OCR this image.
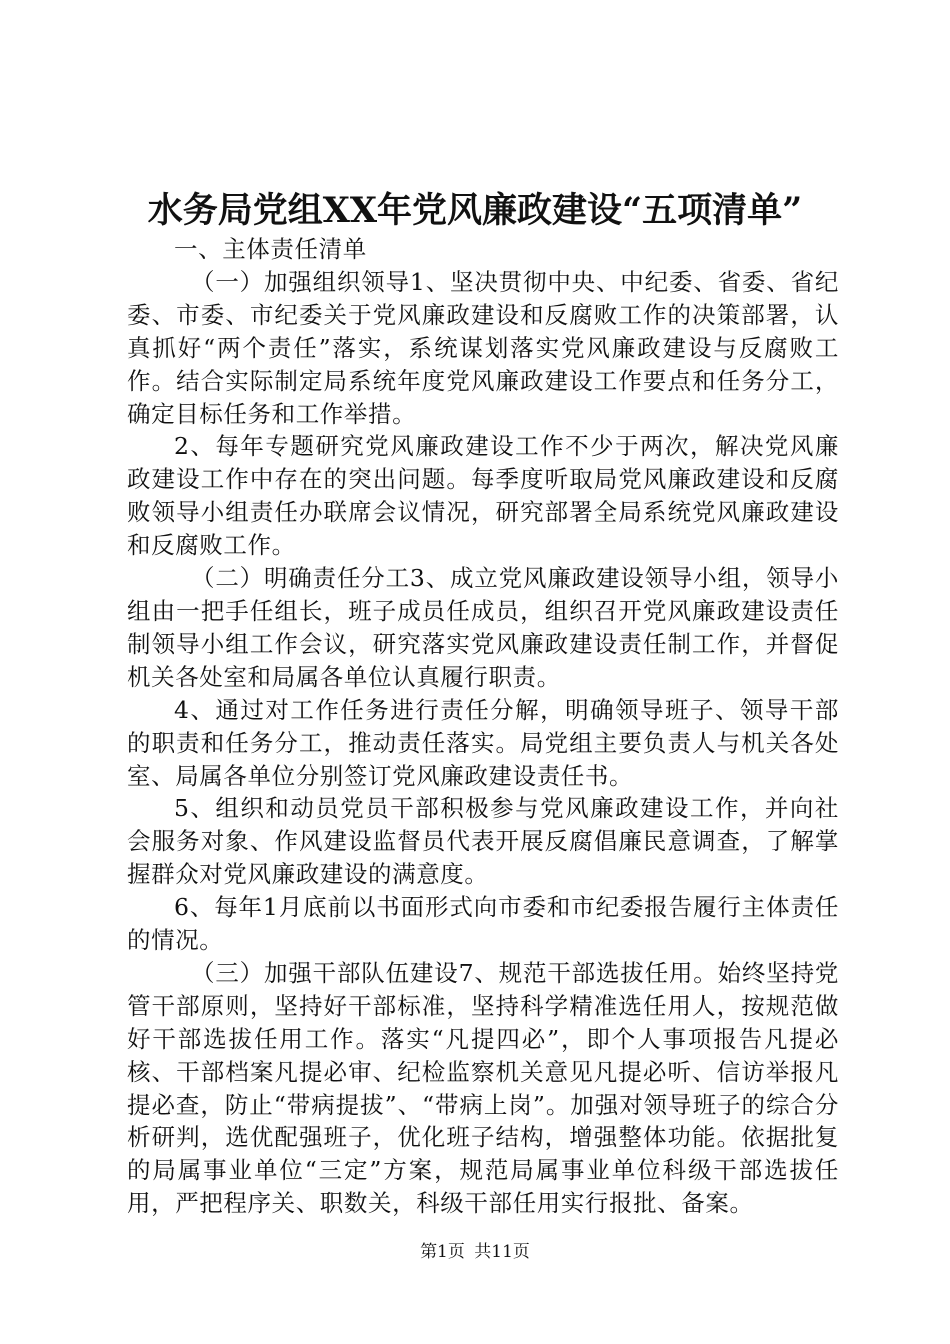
水务局党组XX年党风廉政建设“五项清单”

一、主体责任清单

（一）加强组织领导1、坚决贯彻中央、中纪委、省委、省纪委、市委、市纪委关于党风廉政建设和反腐败工作的决策部署，认真抓好“两个责任”落实，系统谋划落实党风廉政建设与反腐败工作。结合实际制定局系统年度党风廉政建设工作要点和任务分工，确定目标任务和工作举措。

2、每年专题研究党风廉政建设工作不少于两次，解决党风廉政建设工作中存在的突出问题。每季度听取局党风廉政建设和反腐败领导小组责任办联席会议情况，研究部署全局系统党风廉政建设和反腐败工作。

（二）明确责任分工3、成立党风廉政建设领导小组，领导小组由一把手任组长，班子成员任成员，组织召开党风廉政建设责任制领导小组工作会议，研究落实党风廉政建设责任制工作，并督促机关各处室和局属各单位认真履行职责。

4、通过对工作任务进行责任分解，明确领导班子、领导干部的职责和任务分工，推动责任落实。局党组主要负责人与机关各处室、局属各单位分别签订党风廉政建设责任书。

5、组织和动员党员干部积极参与党风廉政建设工作，并向社会服务对象、作风建设监督员代表开展反腐倡廉民意调查，了解掌握群众对党风廉政建设的满意度。

6、每年1月底前以书面形式向市委和市纪委报告履行主体责任的情况。

（三）加强干部队伍建设7、规范干部选拔任用。始终坚持党管干部原则，坚持好干部标准，坚持科学精准选任用人，按规范做好干部选拔任用工作。落实“凡提四必”，即个人事项报告凡提必核、干部档案凡提必审、纪检监察机关意见凡提必听、信访举报凡提必查，防止“带病提拔”、“带病上岗”。加强对领导班子的综合分析研判，选优配强班子，优化班子结构，增强整体功能。依据批复的局属事业单位“三定”方案，规范局属事业单位科级干部选拔任用，严把程序关、职数关，科级干部任用实行报批、备案。

第1页 共11页
